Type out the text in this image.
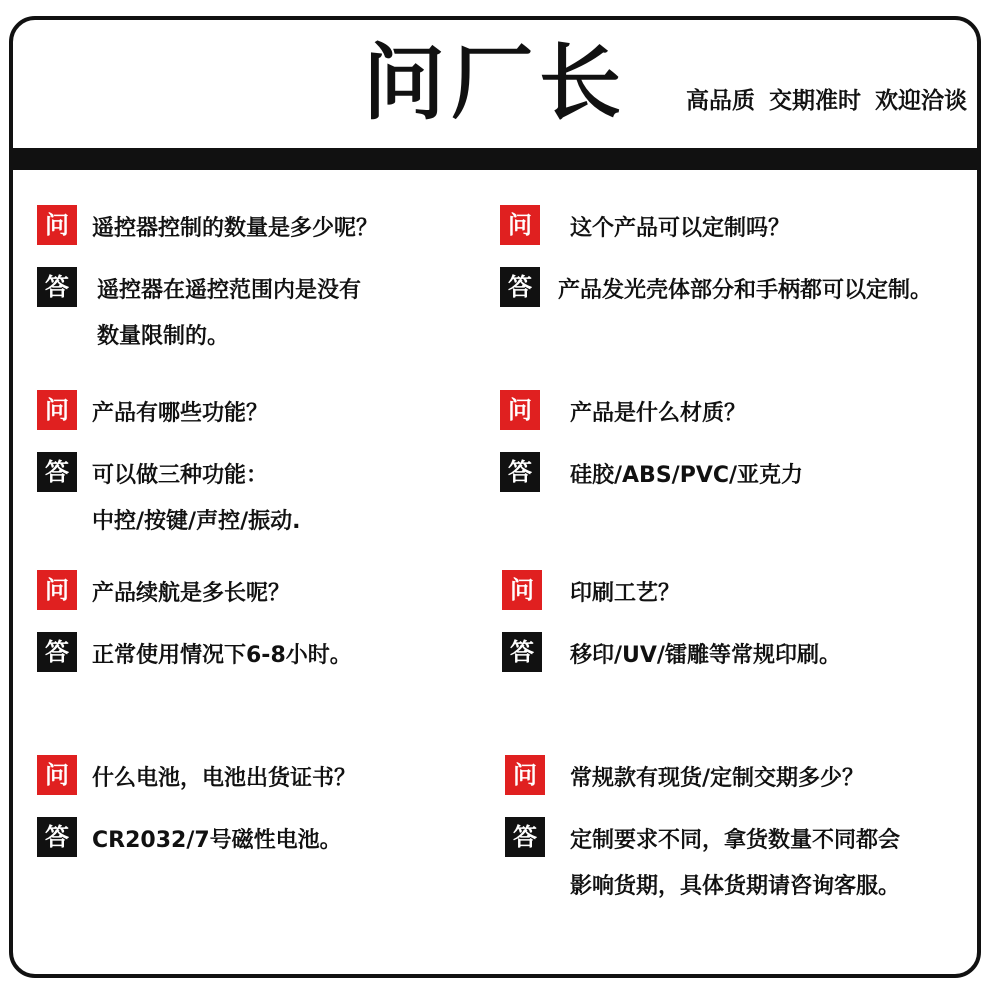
问厂长	高品质 交期准时 欢迎洽谈
问	遥控器控制的数量是多少呢？
答	遥控器在遥控范围内是没有
数量限制的。
问	这个产品可以定制吗？
答	产品发光壳体部分和手柄都可以定制。
问	产品有哪些功能？
答	可以做三种功能：
中控/按键/声控/振动.
问	产品是什么材质？
答	硅胶/ABS/PVC/亚克力
问	产品续航是多长呢？
答	正常使用情况下6-8小时。
问	印刷工艺？
答	移印/UV/镭雕等常规印刷。
问	什么电池，电池出货证书？
答	CR2032/7号磁性电池。
问	常规款有现货/定制交期多少？
答	定制要求不同，拿货数量不同都会
影响货期，具体货期请咨询客服。
